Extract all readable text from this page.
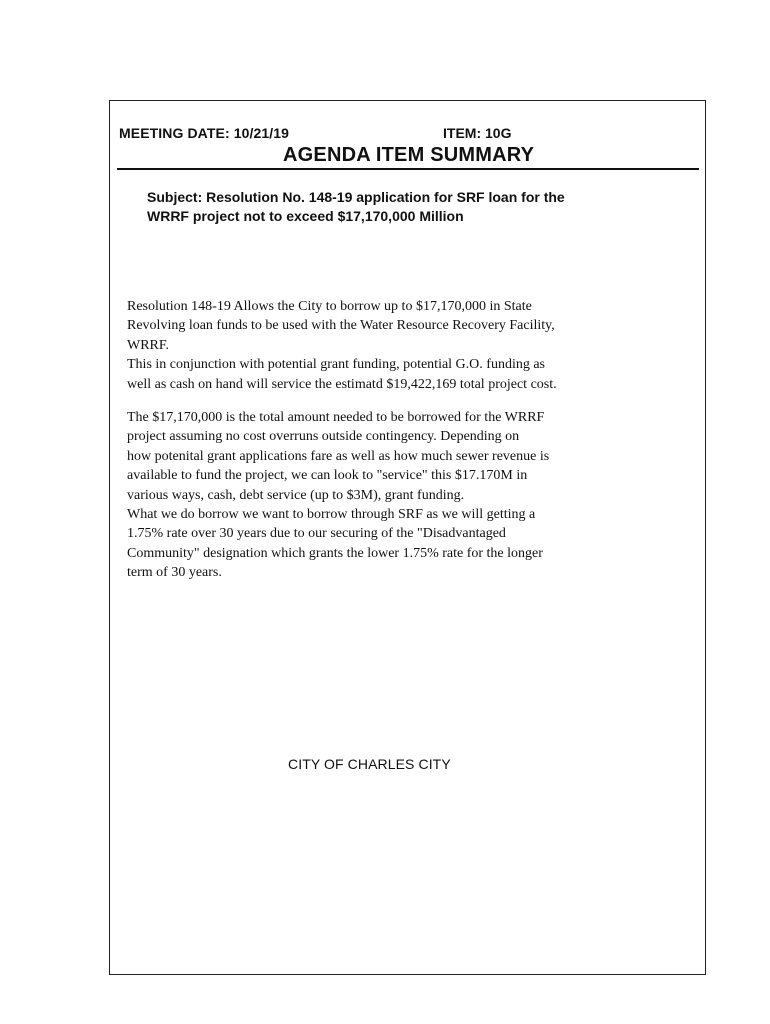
MEETING DATE: 10/21/19	ITEM: 10G
AGENDA ITEM SUMMARY

Subject: Resolution No. 148-19 application for SRF loan for the

WRRF project not to exceed $17,170,000 Million

Resolution 148-19 Allows the City to borrow up to $17,170,000 in State

Revolving loan funds to be used with the Water Resource Recovery Facility,

WRRF.

This in conjunction with potential grant funding, potential G.O. funding as

well as cash on hand will service the estimatd $19,422,169 total project cost.

The $17,170,000 is the total amount needed to be borrowed for the WRRF

project assuming no cost overruns outside contingency. Depending on

how potenital grant applications fare as well as how much sewer revenue is

available to fund the project, we can look to "service" this $17.170M in

various ways, cash, debt service (up to $3M), grant funding.

What we do borrow we want to borrow through SRF as we will getting a

1.75% rate over 30 years due to our securing of the "Disadvantaged

Community" designation which grants the lower 1.75% rate for the longer

term of 30 years.

CITY OF CHARLES CITY
